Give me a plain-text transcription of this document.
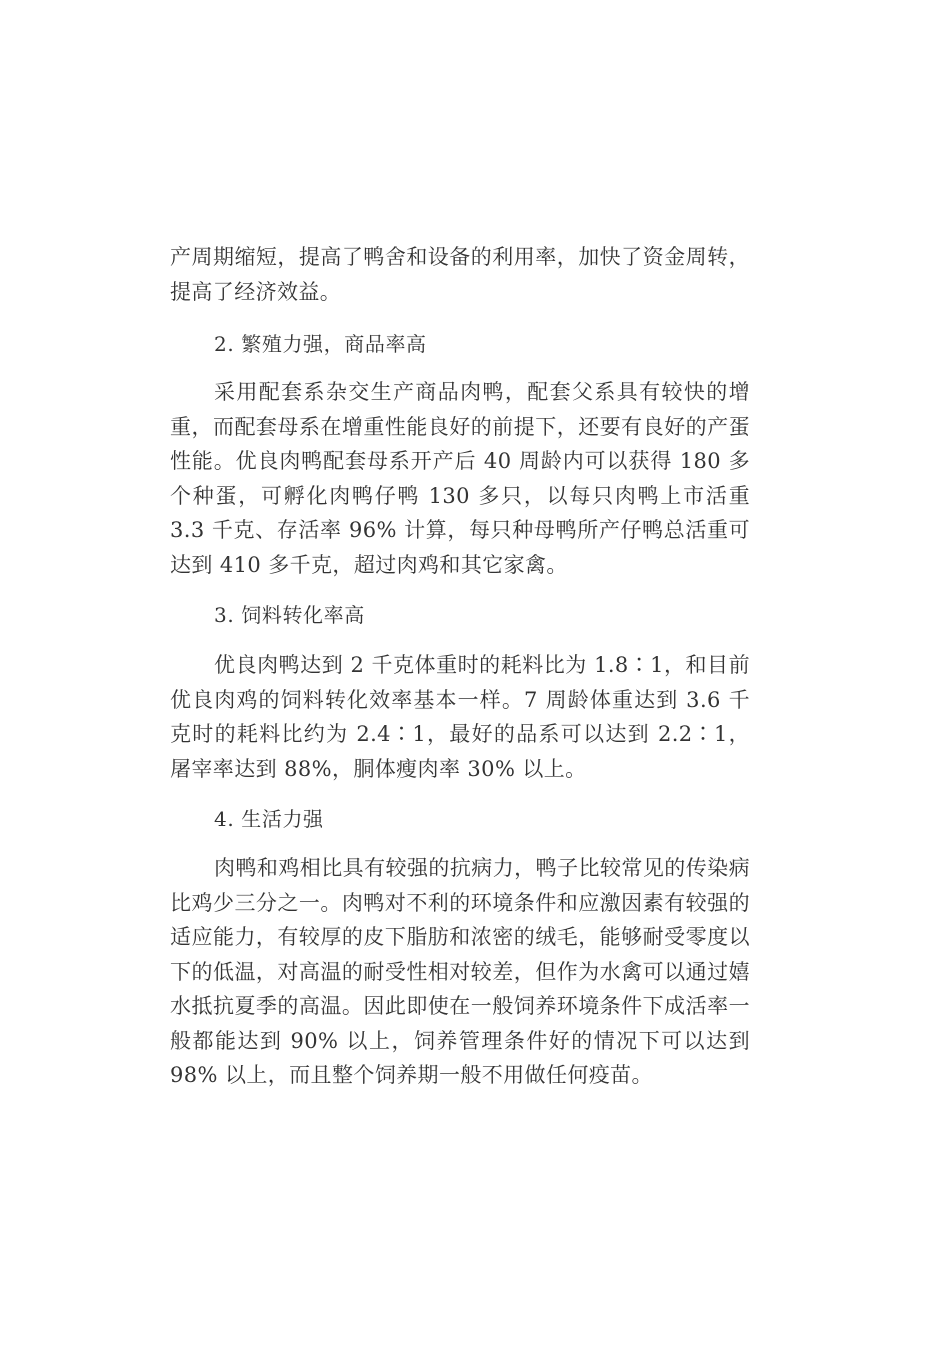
产周期缩短，提高了鸭舍和设备的利用率，加快了资金周转，提高了经济效益。

2. 繁殖力强，商品率高

采用配套系杂交生产商品肉鸭，配套父系具有较快的增重，而配套母系在增重性能良好的前提下，还要有良好的产蛋性能。优良肉鸭配套母系开产后 40 周龄内可以获得 180 多个种蛋，可孵化肉鸭仔鸭 130 多只，以每只肉鸭上市活重 3.3 千克、存活率 96% 计算，每只种母鸭所产仔鸭总活重可达到 410 多千克，超过肉鸡和其它家禽。

3. 饲料转化率高

优良肉鸭达到 2 千克体重时的耗料比为 1.8∶1，和目前优良肉鸡的饲料转化效率基本一样。7 周龄体重达到 3.6 千克时的耗料比约为 2.4∶1，最好的品系可以达到 2.2∶1，屠宰率达到 88%，胴体瘦肉率 30% 以上。

4. 生活力强

肉鸭和鸡相比具有较强的抗病力，鸭子比较常见的传染病比鸡少三分之一。肉鸭对不利的环境条件和应激因素有较强的适应能力，有较厚的皮下脂肪和浓密的绒毛，能够耐受零度以下的低温，对高温的耐受性相对较差，但作为水禽可以通过嬉水抵抗夏季的高温。因此即使在一般饲养环境条件下成活率一般都能达到 90% 以上，饲养管理条件好的情况下可以达到 98% 以上，而且整个饲养期一般不用做任何疫苗。
